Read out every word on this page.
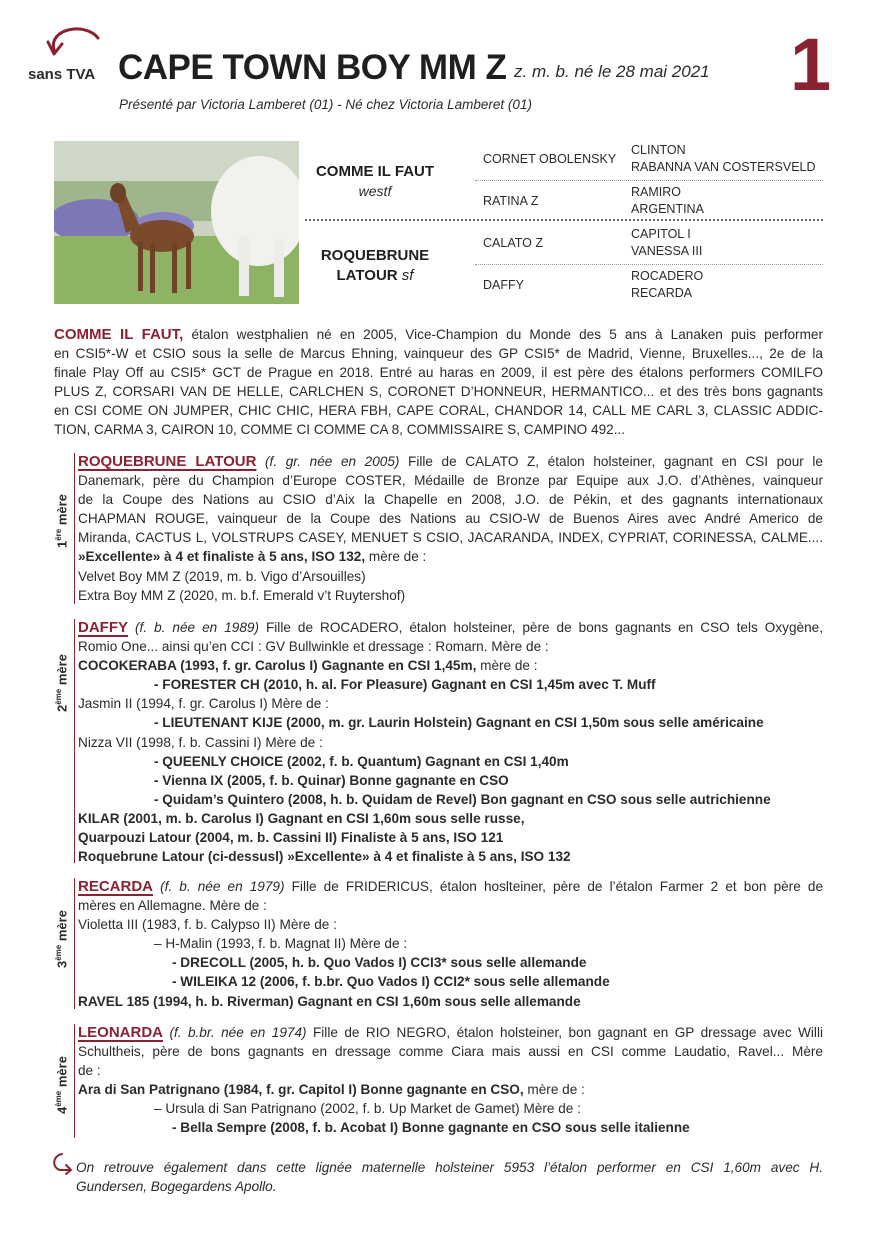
sans TVA CAPE TOWN BOY MM Z z. m. b. né le 28 mai 2021 1
Présenté par Victoria Lamberet (01) - Né chez Victoria Lamberet (01)
COMME IL FAUT
westf
ROQUEBRUNE
LATOUR sf
CORNET OBOLENSKY
RATINA Z
CALATO Z
DAFFY
CLINTON
RABANNA VAN COSTERSVELD
RAMIRO
ARGENTINA
CAPITOL I
VANESSA III
ROCADERO
RECARDA
COMME IL FAUT, étalon westphalien né en 2005, Vice-Champion du Monde des 5 ans à Lanaken puis performer
en CSI5*-W et CSIO sous la selle de Marcus Ehning, vainqueur des GP CSI5* de Madrid, Vienne, Bruxelles..., 2e de la
finale Play Off au CSI5* GCT de Prague en 2018. Entré au haras en 2009, il est père des étalons performers COMILFO
PLUS Z, CORSARI VAN DE HELLE, CARLCHEN S, CORONET D’HONNEUR, HERMANTICO... et des très bons gagnants
en CSI COME ON JUMPER, CHIC CHIC, HERA FBH, CAPE CORAL, CHANDOR 14, CALL ME CARL 3, CLASSIC ADDIC-
TION, CARMA 3, CAIRON 10, COMME CI COMME CA 8, COMMISSAIRE S, CAMPINO 492...
1ère mère
ROQUEBRUNE LATOUR (f. gr. née en 2005) Fille de CALATO Z, étalon holsteiner, gagnant en CSI pour le
Danemark, père du Champion d’Europe COSTER, Médaille de Bronze par Equipe aux J.O. d’Athènes, vainqueur
de la Coupe des Nations au CSIO d’Aix la Chapelle en 2008, J.O. de Pékin, et des gagnants internationaux
CHAPMAN ROUGE, vainqueur de la Coupe des Nations au CSIO-W de Buenos Aires avec André Americo de
Miranda, CACTUS L, VOLSTRUPS CASEY, MENUET S CSIO, JACARANDA, INDEX, CYPRIAT, CORINESSA, CALME....
»Excellente» à 4 et finaliste à 5 ans, ISO 132, mère de :
Velvet Boy MM Z (2019, m. b. Vigo d’Arsouilles)
Extra Boy MM Z (2020, m. b.f. Emerald v’t Ruytershof)
2ème mère
DAFFY (f. b. née en 1989) Fille de ROCADERO, étalon holsteiner, père de bons gagnants en CSO tels Oxygène,
Romio One... ainsi qu’en CCI : GV Bullwinkle et dressage : Romarn. Mère de :
COCOKERABA (1993, f. gr. Carolus I) Gagnante en CSI 1,45m, mère de :
- FORESTER CH (2010, h. al. For Pleasure) Gagnant en CSI 1,45m avec T. Muff
Jasmin II (1994, f. gr. Carolus I) Mère de :
- LIEUTENANT KIJE (2000, m. gr. Laurin Holstein) Gagnant en CSI 1,50m sous selle américaine
Nizza VII (1998, f. b. Cassini I) Mère de :
- QUEENLY CHOICE (2002, f. b. Quantum) Gagnant en CSI 1,40m
- Vienna IX (2005, f. b. Quinar) Bonne gagnante en CSO
- Quidam’s Quintero (2008, h. b. Quidam de Revel) Bon gagnant en CSO sous selle autrichienne
KILAR (2001, m. b. Carolus I) Gagnant en CSI 1,60m sous selle russe,
Quarpouzi Latour (2004, m. b. Cassini II) Finaliste à 5 ans, ISO 121
Roquebrune Latour (ci-dessusl) »Excellente» à 4 et finaliste à 5 ans, ISO 132
3ème mère
RECARDA (f. b. née en 1979) Fille de FRIDERICUS, étalon hoslteiner, père de l’étalon Farmer 2 et bon père de
mères en Allemagne. Mère de :
Violetta III (1983, f. b. Calypso II) Mère de :
– H-Malin (1993, f. b. Magnat II) Mère de :
- DRECOLL (2005, h. b. Quo Vados I) CCI3* sous selle allemande
- WILEIKA 12 (2006, f. b.br. Quo Vados I) CCI2* sous selle allemande
RAVEL 185 (1994, h. b. Riverman) Gagnant en CSI 1,60m sous selle allemande
4ème mère
LEONARDA (f. b.br. née en 1974) Fille de RIO NEGRO, étalon holsteiner, bon gagnant en GP dressage avec Willi
Schultheis, père de bons gagnants en dressage comme Ciara mais aussi en CSI comme Laudatio, Ravel... Mère
de :
Ara di San Patrignano (1984, f. gr. Capitol I) Bonne gagnante en CSO, mère de :
– Ursula di San Patrignano (2002, f. b. Up Market de Gamet) Mère de :
- Bella Sempre (2008, f. b. Acobat I) Bonne gagnante en CSO sous selle italienne
On retrouve également dans cette lignée maternelle holsteiner 5953 l’étalon performer en CSI 1,60m avec H.
Gundersen, Bogegardens Apollo.
